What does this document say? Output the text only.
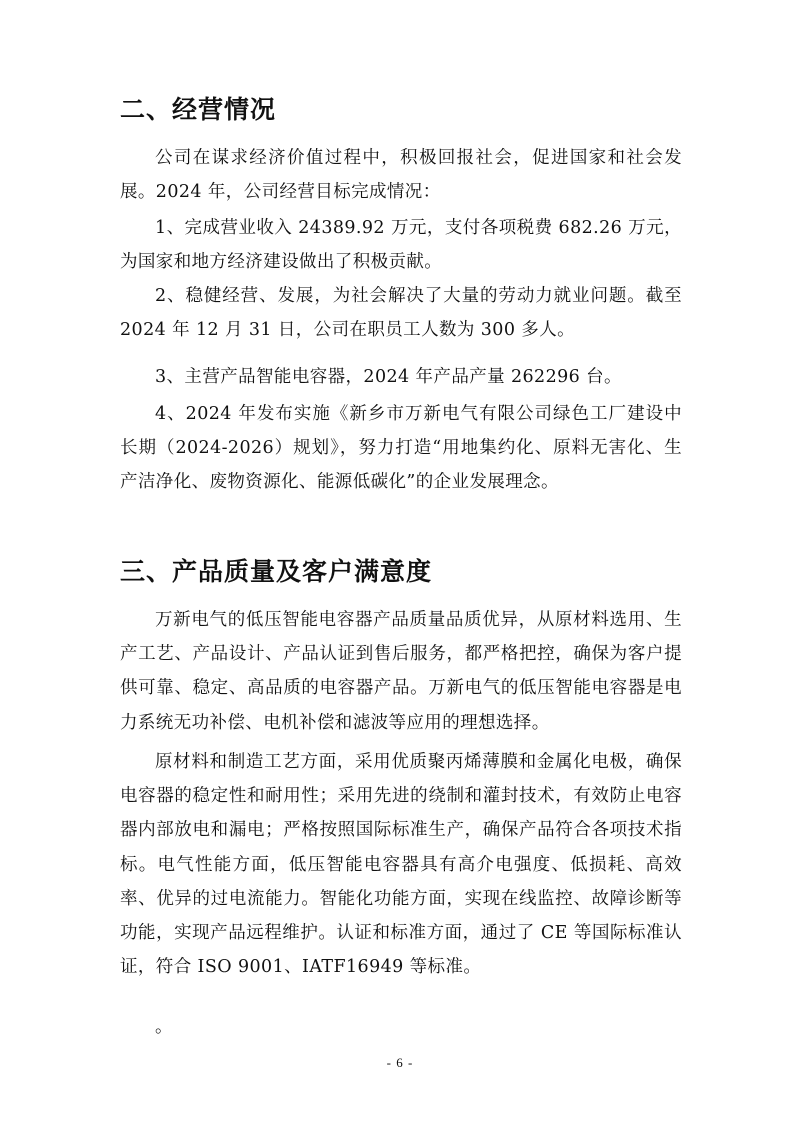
二、经营情况

公司在谋求经济价值过程中，积极回报社会，促进国家和社会发展。2024 年，公司经营目标完成情况：

1、完成营业收入 24389.92 万元，支付各项税费 682.26 万元，为国家和地方经济建设做出了积极贡献。

2、稳健经营、发展，为社会解决了大量的劳动力就业问题。截至 2024 年 12 月 31 日，公司在职员工人数为 300 多人。

3、主营产品智能电容器，2024 年产品产量 262296 台。

4、2024 年发布实施《新乡市万新电气有限公司绿色工厂建设中长期（2024-2026）规划》，努力打造“用地集约化、原料无害化、生产洁净化、废物资源化、能源低碳化”的企业发展理念。

三、产品质量及客户满意度

万新电气的低压智能电容器产品质量品质优异，从原材料选用、生产工艺、产品设计、产品认证到售后服务，都严格把控，确保为客户提供可靠、稳定、高品质的电容器产品。万新电气的低压智能电容器是电力系统无功补偿、电机补偿和滤波等应用的理想选择。

原材料和制造工艺方面，采用优质聚丙烯薄膜和金属化电极，确保电容器的稳定性和耐用性；采用先进的绕制和灌封技术，有效防止电容器内部放电和漏电；严格按照国际标准生产，确保产品符合各项技术指标。电气性能方面，低压智能电容器具有高介电强度、低损耗、高效率、优异的过电流能力。智能化功能方面，实现在线监控、故障诊断等功能，实现产品远程维护。认证和标准方面，通过了 CE 等国际标准认证，符合 ISO 9001、IATF16949 等标准。

。

- 6 -
